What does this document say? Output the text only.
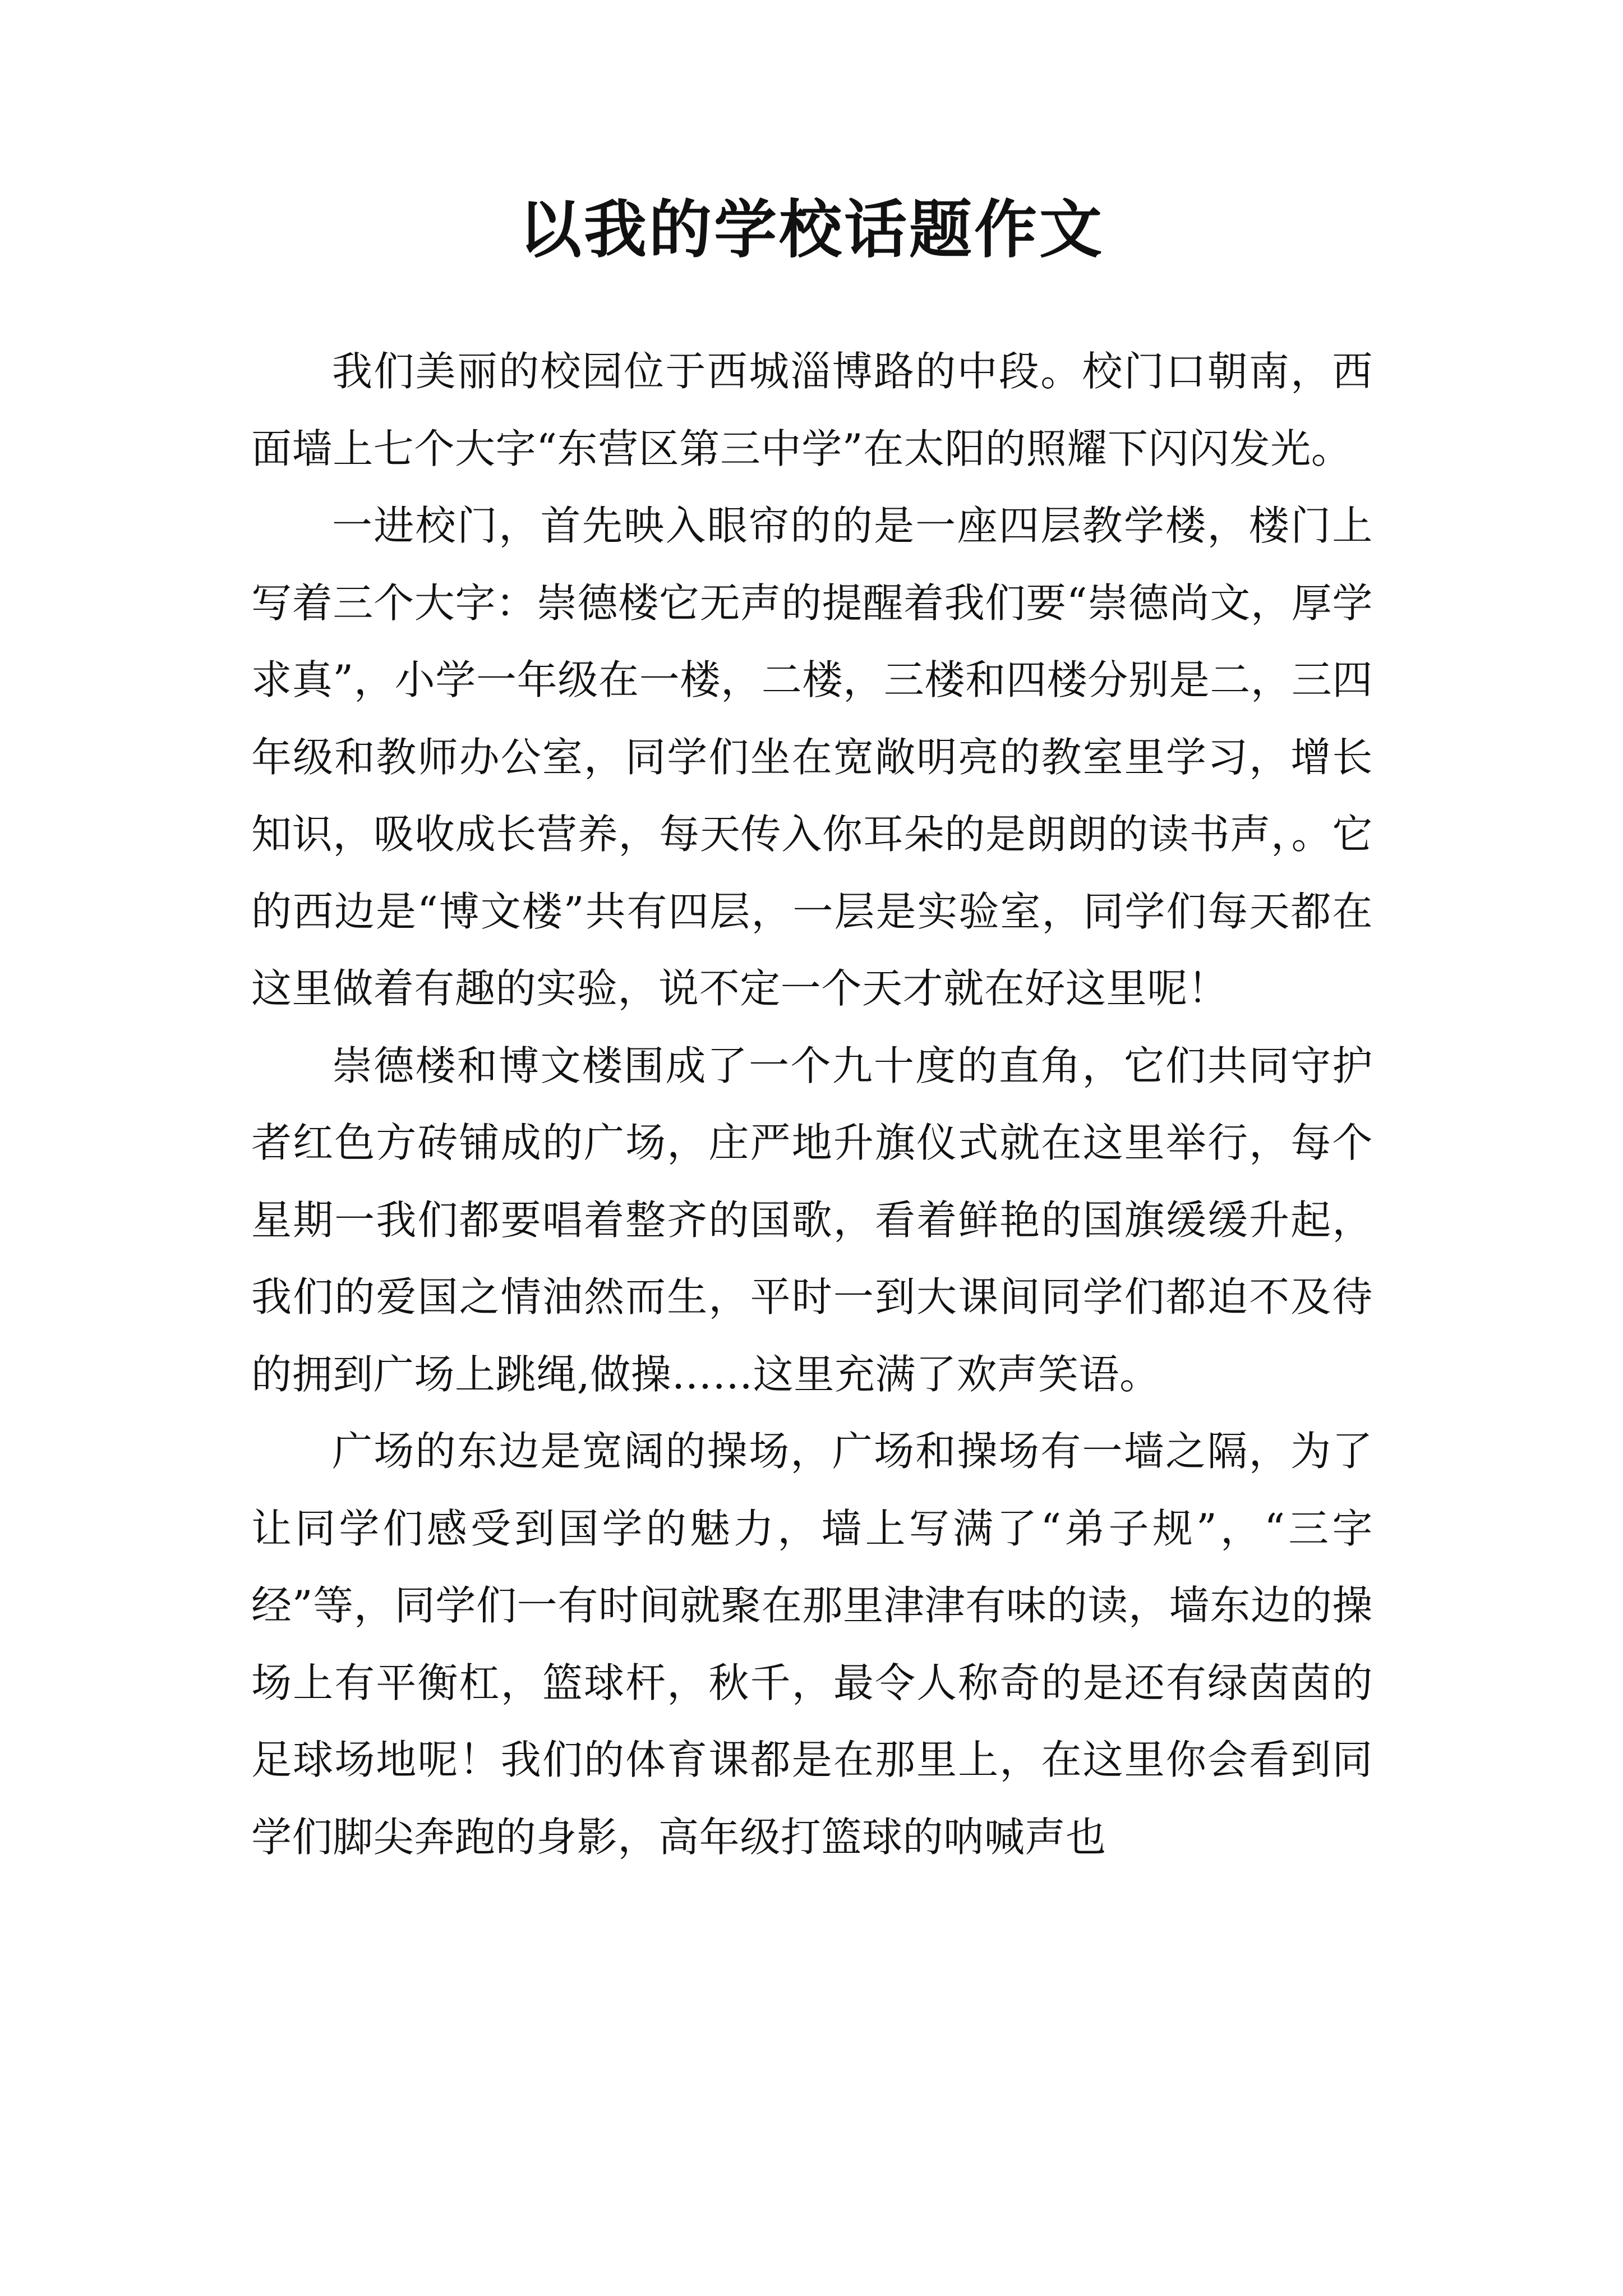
以我的学校话题作文

我们美丽的校园位于西城淄博路的中段。校门口朝南，西面墙上七个大字“东营区第三中学”在太阳的照耀下闪闪发光。

一进校门，首先映入眼帘的的是一座四层教学楼，楼门上写着三个大字：崇德楼它无声的提醒着我们要“崇德尚文，厚学求真”，小学一年级在一楼，二楼，三楼和四楼分别是二，三四年级和教师办公室，同学们坐在宽敞明亮的教室里学习，增长知识，吸收成长营养，每天传入你耳朵的是朗朗的读书声，。它的西边是“博文楼”共有四层，一层是实验室，同学们每天都在这里做着有趣的实验，说不定一个天才就在好这里呢！

崇德楼和博文楼围成了一个九十度的直角，它们共同守护者红色方砖铺成的广场，庄严地升旗仪式就在这里举行，每个星期一我们都要唱着整齐的国歌，看着鲜艳的国旗缓缓升起，我们的爱国之情油然而生，平时一到大课间同学们都迫不及待的拥到广场上跳绳,做操……这里充满了欢声笑语。

广场的东边是宽阔的操场，广场和操场有一墙之隔，为了让同学们感受到国学的魅力，墙上写满了“弟子规”，“三字经”等，同学们一有时间就聚在那里津津有味的读，墙东边的操场上有平衡杠，篮球杆，秋千，最令人称奇的是还有绿茵茵的足球场地呢！我们的体育课都是在那里上，在这里你会看到同学们脚尖奔跑的身影，高年级打篮球的呐喊声也
